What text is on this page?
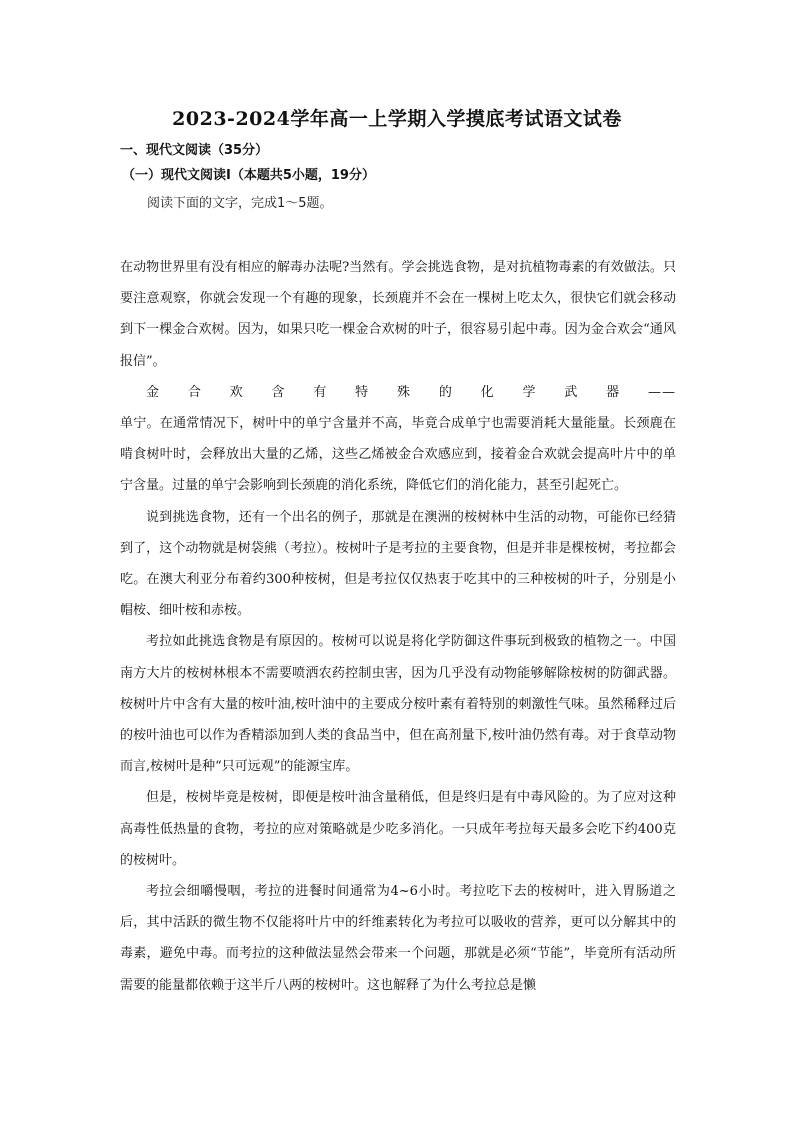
2023-2024学年高一上学期入学摸底考试语文试卷
一、现代文阅读（35分）
（一）现代文阅读Ⅰ（本题共5小题，19分）
阅读下面的文字，完成1～5题。

在动物世界里有没有相应的解毒办法呢?当然有。学会挑选食物，是对抗植物毒素的有效做法。只要注意观察，你就会发现一个有趣的现象，长颈鹿并不会在一棵树上吃太久，很快它们就会移动到下一棵金合欢树。因为，如果只吃一棵金合欢树的叶子，很容易引起中毒。因为金合欢会“通风报信”。

金　合　欢　含　有　特　殊　的　化　学　武　器　——

单宁。在通常情况下，树叶中的单宁含量并不高，毕竟合成单宁也需要消耗大量能量。长颈鹿在啃食树叶时，会释放出大量的乙烯，这些乙烯被金合欢感应到，接着金合欢就会提高叶片中的单宁含量。过量的单宁会影响到长颈鹿的消化系统，降低它们的消化能力，甚至引起死亡。

说到挑选食物，还有一个出名的例子，那就是在澳洲的桉树林中生活的动物，可能你已经猜到了，这个动物就是树袋熊（考拉）。桉树叶子是考拉的主要食物，但是并非是棵桉树，考拉都会吃。在澳大利亚分布着约300种桉树，但是考拉仅仅热衷于吃其中的三种桉树的叶子，分别是小帽桉、细叶桉和赤桉。

考拉如此挑选食物是有原因的。桉树可以说是将化学防御这件事玩到极致的植物之一。中国南方大片的桉树林根本不需要喷洒农药控制虫害，因为几乎没有动物能够解除桉树的防御武器。桉树叶片中含有大量的桉叶油,桉叶油中的主要成分桉叶素有着特别的刺激性气味。虽然稀释过后的桉叶油也可以作为香精添加到人类的食品当中，但在高剂量下,桉叶油仍然有毒。对于食草动物而言,桉树叶是种“只可远观”的能源宝库。

但是，桉树毕竟是桉树，即便是桉叶油含量稍低，但是终归是有中毒风险的。为了应对这种高毒性低热量的食物，考拉的应对策略就是少吃多消化。一只成年考拉每天最多会吃下约400克的桉树叶。

考拉会细嚼慢咽，考拉的进餐时间通常为4~6小时。考拉吃下去的桉树叶，进入胃肠道之后，其中活跃的微生物不仅能将叶片中的纤维素转化为考拉可以吸收的营养，更可以分解其中的毒素，避免中毒。而考拉的这种做法显然会带来一个问题，那就是必须“节能”，毕竟所有活动所需要的能量都依赖于这半斤八两的桉树叶。这也解释了为什么考拉总是懒
